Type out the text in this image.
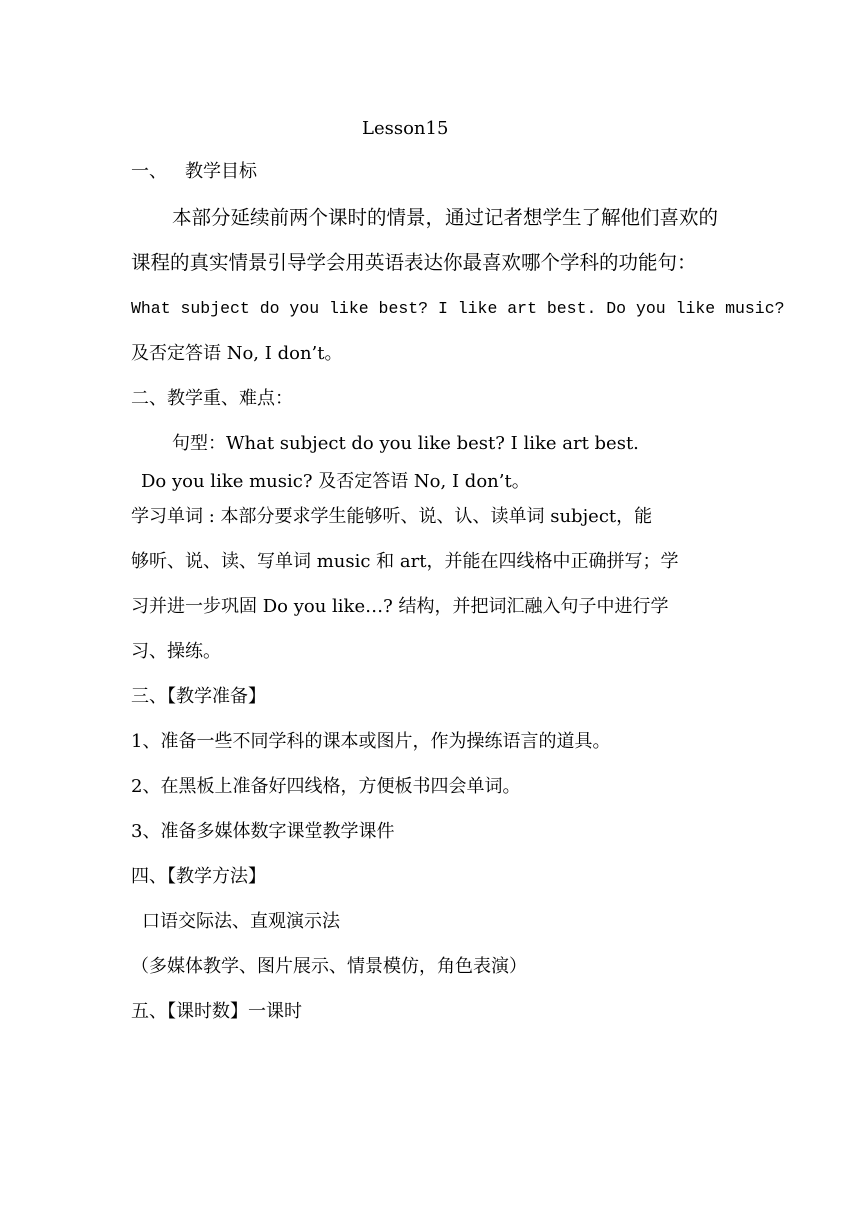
Lesson15
一、 教学目标
本部分延续前两个课时的情景，通过记者想学生了解他们喜欢的
课程的真实情景引导学会用英语表达你最喜欢哪个学科的功能句：
What subject do you like best? I like art best. Do you like music?
及否定答语 No, I don’t。
二、教学重、难点：
句型：What subject do you like best? I like art best.
Do you like music? 及否定答语 No, I don’t。
学习单词 : 本部分要求学生能够听、说、认、读单词 subject，能
够听、说、读、写单词 music 和 art，并能在四线格中正确拼写；学
习并进一步巩固 Do you like…? 结构，并把词汇融入句子中进行学
习、操练。
三、【教学准备】
1、准备一些不同学科的课本或图片，作为操练语言的道具。
2、在黑板上准备好四线格，方便板书四会单词。
3、准备多媒体数字课堂教学课件
四、【教学方法】
口语交际法、直观演示法
（多媒体教学、图片展示、情景模仿，角色表演）
五、【课时数】一课时
